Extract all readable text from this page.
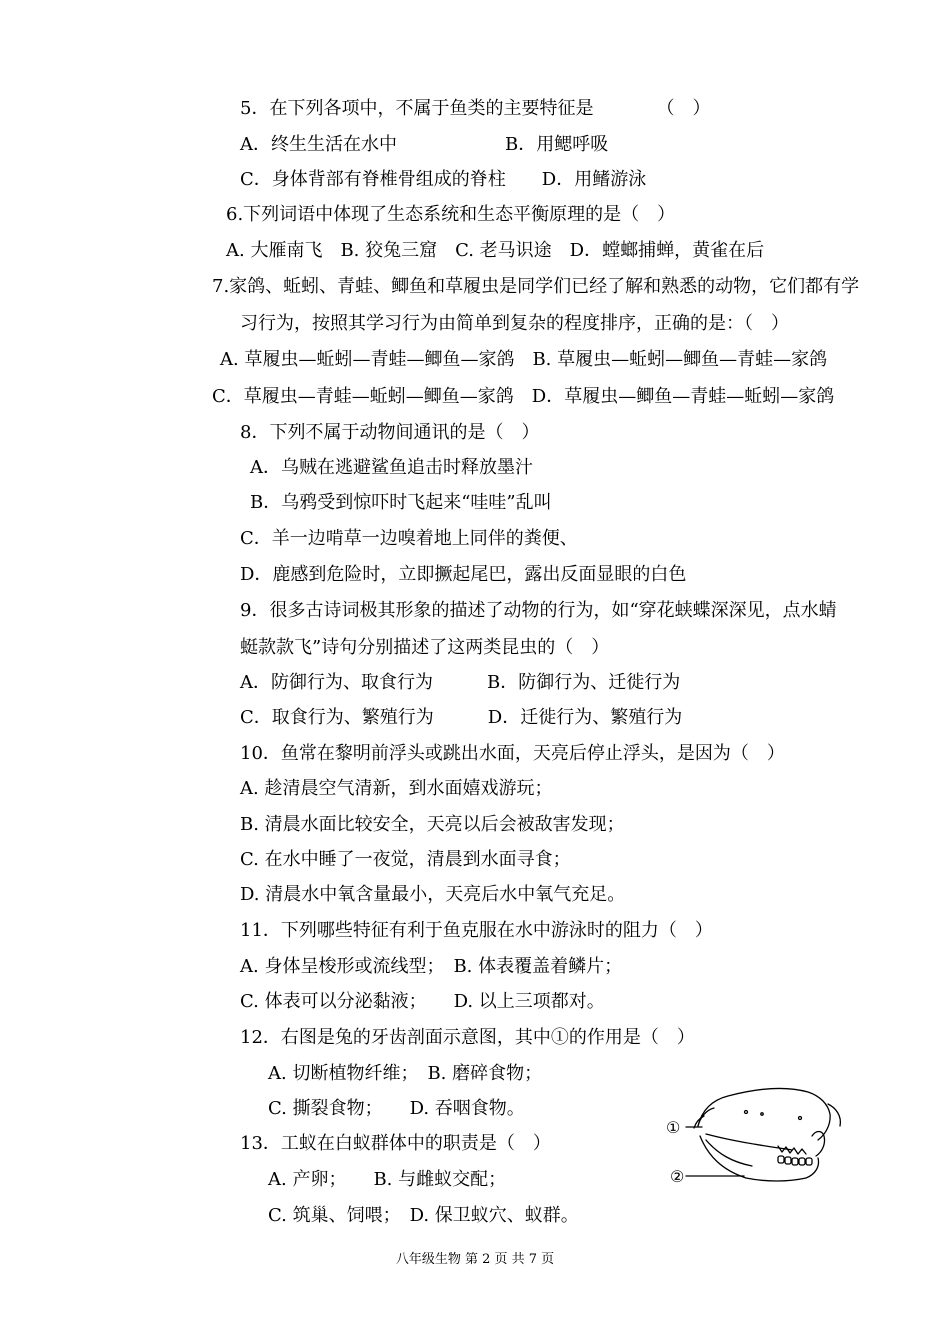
5．在下列各项中，不属于鱼类的主要特征是　　　　（　）
A．终生生活在水中　　　　　　B．用鳃呼吸
C．身体背部有脊椎骨组成的脊柱　　D．用鳍游泳
6.下列词语中体现了生态系统和生态平衡原理的是（　）
A. 大雁南飞　B. 狡兔三窟　C. 老马识途　D．螳螂捕蝉，黄雀在后
7.家鸽、蚯蚓、青蛙、鲫鱼和草履虫是同学们已经了解和熟悉的动物，它们都有学
习行为，按照其学习行为由简单到复杂的程度排序，正确的是：（　）
A. 草履虫—蚯蚓—青蛙—鲫鱼—家鸽　B. 草履虫—蚯蚓—鲫鱼—青蛙—家鸽
C．草履虫—青蛙—蚯蚓—鲫鱼—家鸽　D．草履虫—鲫鱼—青蛙—蚯蚓—家鸽
8．下列不属于动物间通讯的是（　）
A．乌贼在逃避鲨鱼追击时释放墨汁
B．乌鸦受到惊吓时飞起来“哇哇”乱叫
C．羊一边啃草一边嗅着地上同伴的粪便、
D．鹿感到危险时，立即撅起尾巴，露出反面显眼的白色
9．很多古诗词极其形象的描述了动物的行为，如“穿花蛱蝶深深见，点水蜻
蜓款款飞”诗句分别描述了这两类昆虫的（　）
A．防御行为、取食行为　　　B．防御行为、迁徙行为
C．取食行为、繁殖行为　　　D．迁徙行为、繁殖行为
10．鱼常在黎明前浮头或跳出水面，天亮后停止浮头，是因为（　）
A. 趁清晨空气清新，到水面嬉戏游玩；
B. 清晨水面比较安全，天亮以后会被敌害发现；
C. 在水中睡了一夜觉，清晨到水面寻食；
D. 清晨水中氧含量最小，天亮后水中氧气充足。
11．下列哪些特征有利于鱼克服在水中游泳时的阻力（　）
A. 身体呈梭形或流线型；　B. 体表覆盖着鳞片；
C. 体表可以分泌黏液；　　D. 以上三项都对。
12．右图是兔的牙齿剖面示意图，其中①的作用是（　）
A. 切断植物纤维；　B. 磨碎食物；
C. 撕裂食物；　　D. 吞咽食物。
13．工蚁在白蚁群体中的职责是（　）
A. 产卵；　　B. 与雌蚁交配；
C. 筑巢、饲喂；　D. 保卫蚁穴、蚁群。
①
②
八年级生物 第 2 页 共 7 页
